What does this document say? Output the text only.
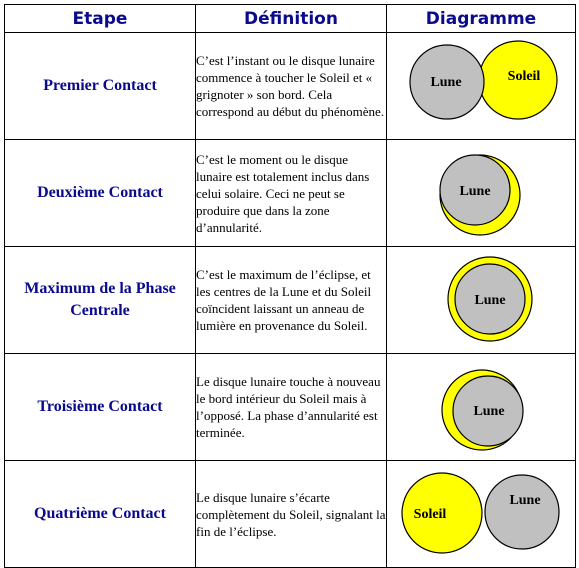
Etape	Définition	Diagramme
Premier Contact	C’est l’instant ou le disque lunaire commence à toucher le Soleil et « grignoter » son bord. Cela correspond au début du phénomène.	Lune Soleil

Deuxième Contact	C’est le moment ou le disque lunaire est totalement inclus dans celui solaire. Ceci ne peut se produire que dans la zone d’annularité.	Lune

Maximum de la Phase Centrale	C’est le maximum de l’éclipse, et les centres de la Lune et du Soleil coïncident laissant un anneau de lumière en provenance du Soleil.	Lune

Troisième Contact	Le disque lunaire touche à nouveau le bord intérieur du Soleil mais à l’opposé. La phase d’annularité est terminée.	Lune

Quatrième Contact	Le disque lunaire s’écarte complètement du Soleil, signalant la fin de l’éclipse.	Soleil
Lune
